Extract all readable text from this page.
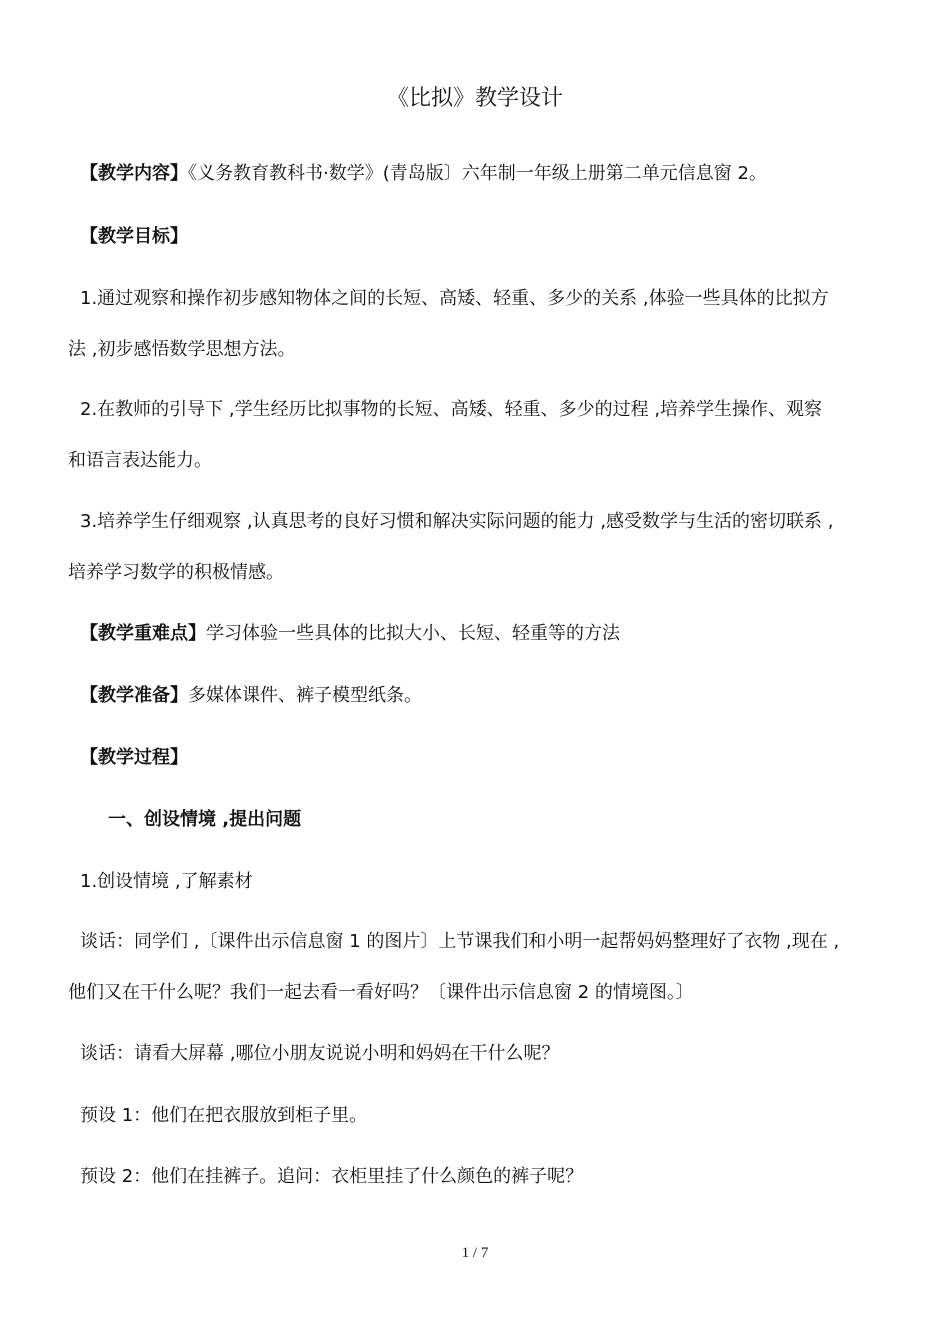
《比拟》教学设计
【教学内容】《义务教育教科书·数学》(青岛版〕六年制一年级上册第二单元信息窗 2。
【教学目标】
1.通过观察和操作初步感知物体之间的长短、高矮、轻重、多少的关系 ,体验一些具体的比拟方
法 ,初步感悟数学思想方法。
2.在教师的引导下 ,学生经历比拟事物的长短、高矮、轻重、多少的过程 ,培养学生操作、观察
和语言表达能力。
3.培养学生仔细观察 ,认真思考的良好习惯和解决实际问题的能力 ,感受数学与生活的密切联系 ,
培养学习数学的积极情感。
【教学重难点】学习体验一些具体的比拟大小、长短、轻重等的方法
【教学准备】多媒体课件、裤子模型纸条。
【教学过程】
一、创设情境 ,提出问题
1.创设情境 ,了解素材
谈话：同学们 ,〔课件出示信息窗 1 的图片〕上节课我们和小明一起帮妈妈整理好了衣物 ,现在 ,
他们又在干什么呢？我们一起去看一看好吗？〔课件出示信息窗 2 的情境图。〕
谈话：请看大屏幕 ,哪位小朋友说说小明和妈妈在干什么呢？
预设 1：他们在把衣服放到柜子里。
预设 2：他们在挂裤子。追问：衣柜里挂了什么颜色的裤子呢？
1 / 7
